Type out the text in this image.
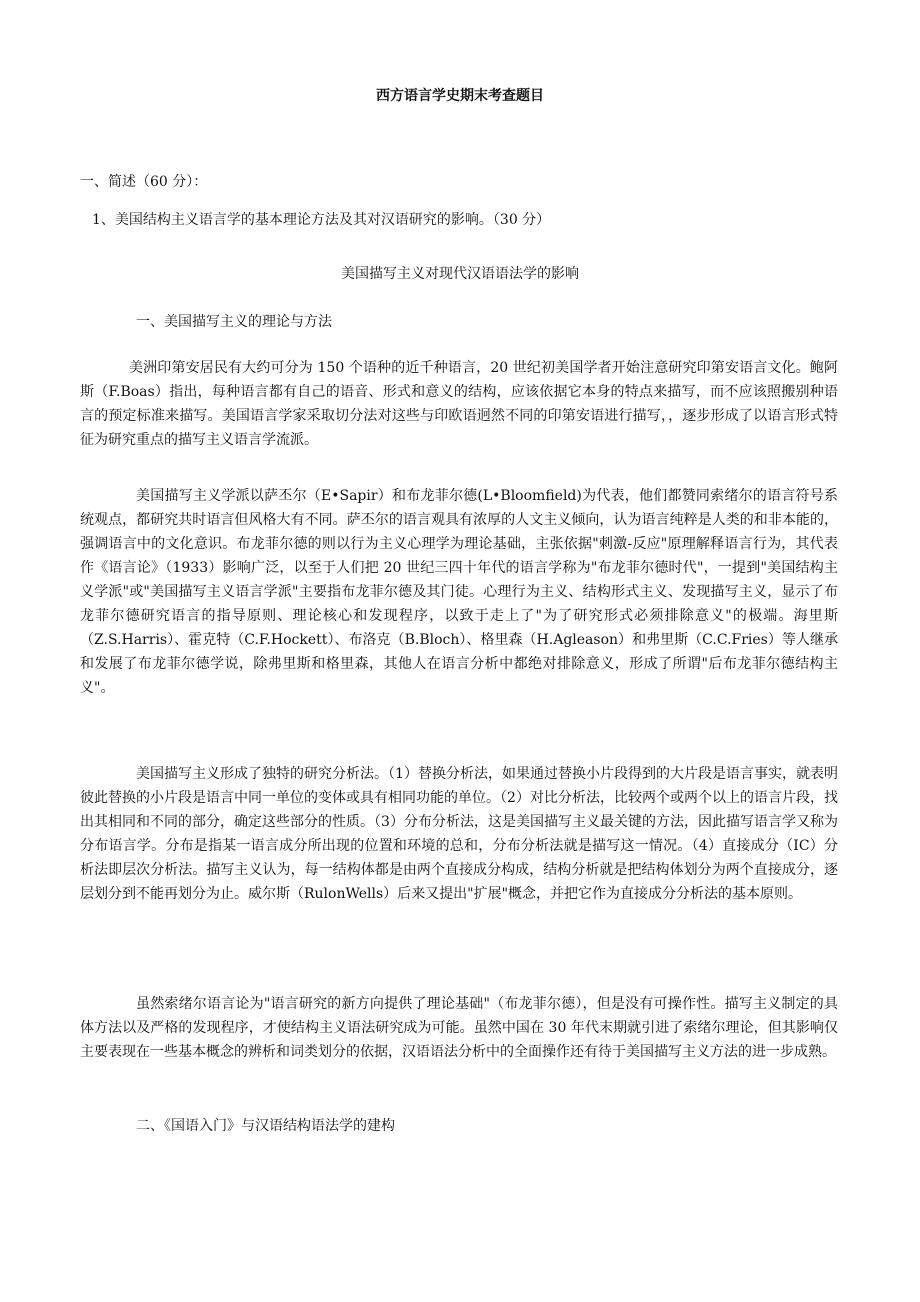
西方语言学史期末考查题目
一、简述（60 分）：
1、美国结构主义语言学的基本理论方法及其对汉语研究的影响。（30 分）
美国描写主义对现代汉语语法学的影响
一、美国描写主义的理论与方法
美洲印第安居民有大约可分为 150 个语种的近千种语言，20 世纪初美国学者开始注意研究印第安语言文化。鲍阿斯（F.Boas）指出，每种语言都有自己的语音、形式和意义的结构，应该依据它本身的特点来描写，而不应该照搬别种语言的预定标准来描写。美国语言学家采取切分法对这些与印欧语迥然不同的印第安语进行描写，，逐步形成了以语言形式特征为研究重点的描写主义语言学流派。
美国描写主义学派以萨丕尔（E•Sapir）和布龙菲尔德(L•Bloomfield)为代表，他们都赞同索绪尔的语言符号系统观点，都研究共时语言但风格大有不同。萨丕尔的语言观具有浓厚的人文主义倾向，认为语言纯粹是人类的和非本能的，强调语言中的文化意识。布龙菲尔德的则以行为主义心理学为理论基础，主张依据"刺激-反应"原理解释语言行为，其代表作《语言论》（1933）影响广泛，以至于人们把 20 世纪三四十年代的语言学称为"布龙菲尔德时代"，一提到"美国结构主义学派"或"美国描写主义语言学派"主要指布龙菲尔德及其门徒。心理行为主义、结构形式主义、发现描写主义，显示了布龙菲尔德研究语言的指导原则、理论核心和发现程序，以致于走上了"为了研究形式必须排除意义"的极端。海里斯（Z.S.Harris）、霍克特（C.F.Hockett）、布洛克（B.Bloch）、格里森（H.Agleason）和弗里斯（C.C.Fries）等人继承和发展了布龙菲尔德学说，除弗里斯和格里森，其他人在语言分析中都绝对排除意义，形成了所谓"后布龙菲尔德结构主义"。
美国描写主义形成了独特的研究分析法。（1）替换分析法，如果通过替换小片段得到的大片段是语言事实，就表明彼此替换的小片段是语言中同一单位的变体或具有相同功能的单位。（2）对比分析法，比较两个或两个以上的语言片段，找出其相同和不同的部分，确定这些部分的性质。（3）分布分析法，这是美国描写主义最关键的方法，因此描写语言学又称为分布语言学。分布是指某一语言成分所出现的位置和环境的总和，分布分析法就是描写这一情况。（4）直接成分（IC）分析法即层次分析法。描写主义认为，每一结构体都是由两个直接成分构成，结构分析就是把结构体划分为两个直接成分，逐层划分到不能再划分为止。威尔斯（RulonWells）后来又提出"扩展"概念，并把它作为直接成分分析法的基本原则。
虽然索绪尔语言论为"语言研究的新方向提供了理论基础"（布龙菲尔德），但是没有可操作性。描写主义制定的具体方法以及严格的发现程序，才使结构主义语法研究成为可能。虽然中国在 30 年代末期就引进了索绪尔理论，但其影响仅主要表现在一些基本概念的辨析和词类划分的依据，汉语语法分析中的全面操作还有待于美国描写主义方法的进一步成熟。
二、《国语入门》与汉语结构语法学的建构
